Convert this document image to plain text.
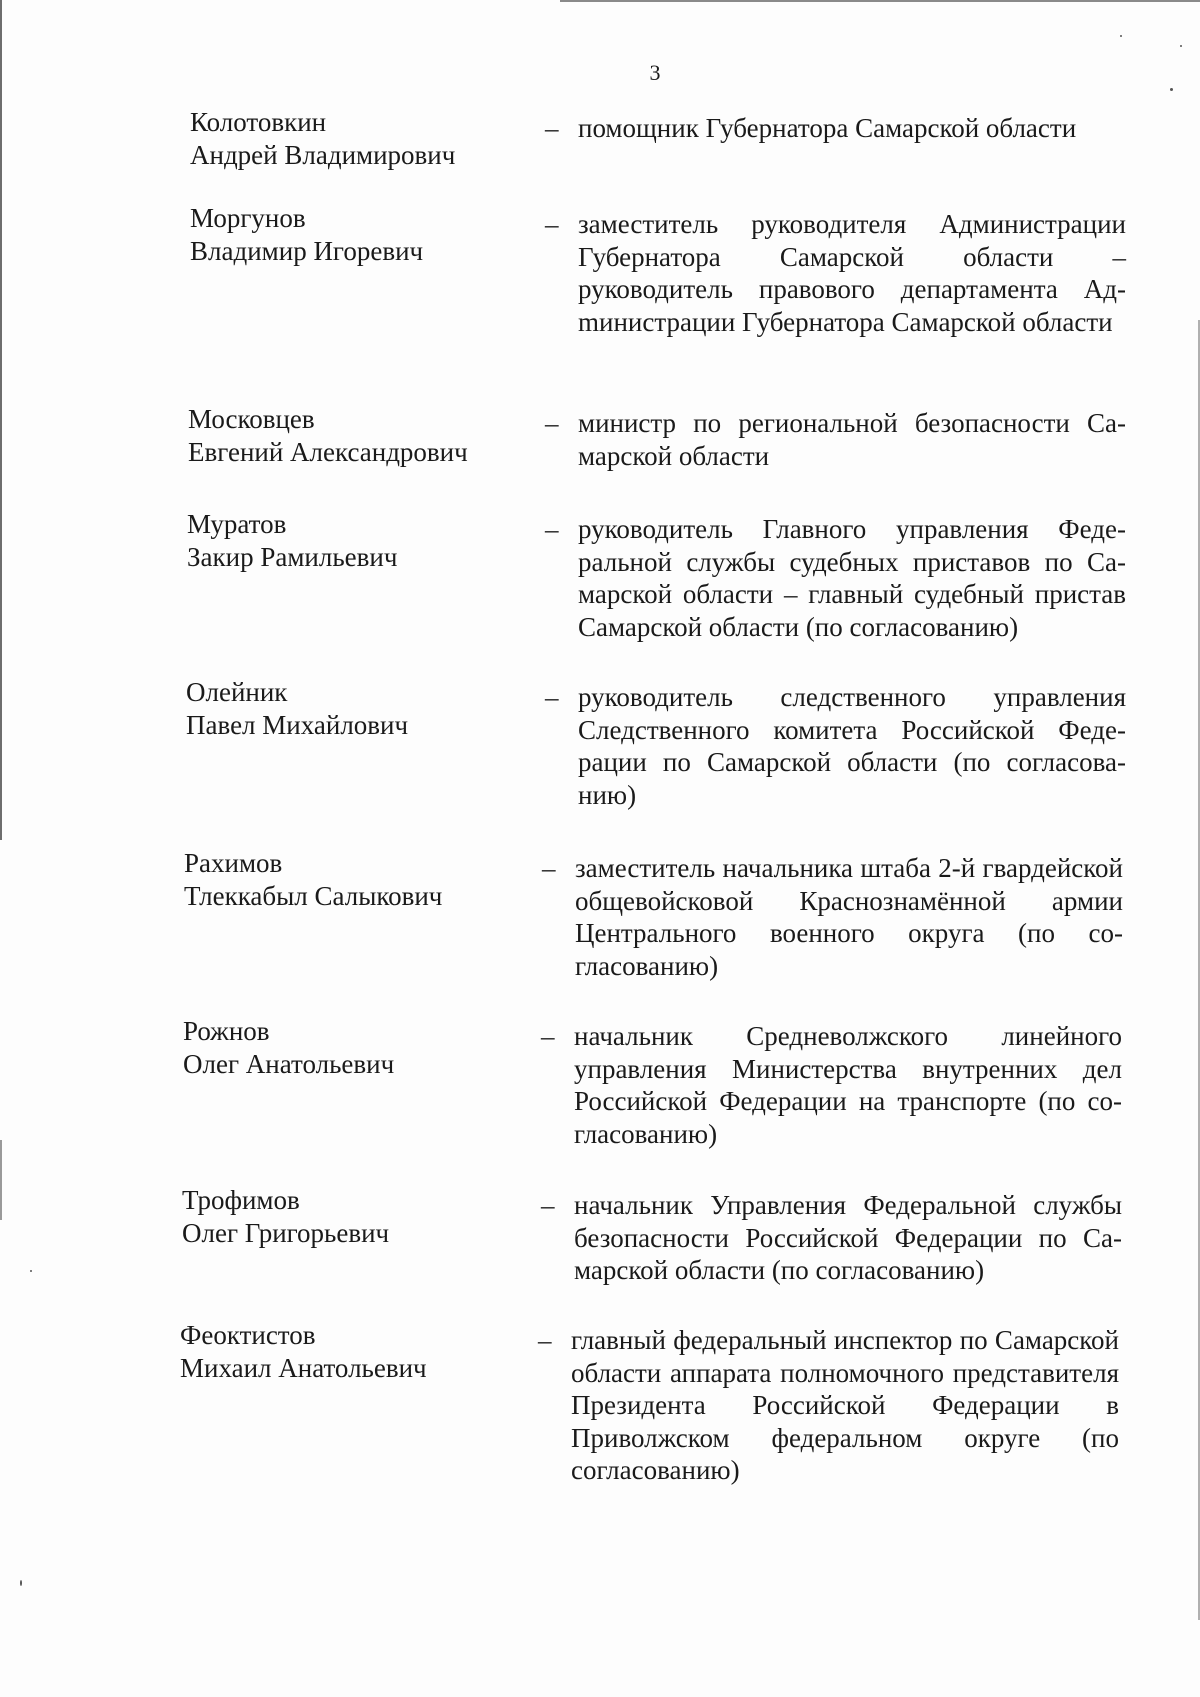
3
Колотовкин
Андрей Владимирович
– помощник Губернатора Самарской области
Моргунов
Владимир Игоревич
– заместитель руководителя Администрации Губернатора Самарской области – руководитель правового департамента Адmинистрации Губернатора Самарской области
Московцев
Евгений Александрович
– министр по региональной безопасности Самарской области
Муратов
Закир Рамильевич
– руководитель Главного управления Федеральной службы судебных приставов по Самарской области – главный судебный пристав Самарской области (по согласованию)
Олейник
Павел Михайлович
– руководитель следственного управления Следственного комитета Российской Федерации по Самарской области (по согласованию)
Рахимов
Тлеккабыл Салыкович
– заместитель начальника штаба 2-й гвардейской общевойсковой Краснознамённой армии Центрального военного округа (по согласованию)
Рожнов
Олег Анатольевич
– начальник Средневолжского линейного управления Министерства внутренних дел Российской Федерации на транспорте (по согласованию)
Трофимов
Олег Григорьевич
– начальник Управления Федеральной службы безопасности Российской Федерации по Самарской области (по согласованию)
Феоктистов
Михаил Анатольевич
– главный федеральный инспектор по Самарской области аппарата полномочного представителя Президента Российской Федерации в Приволжском федеральном округе (по согласованию)
